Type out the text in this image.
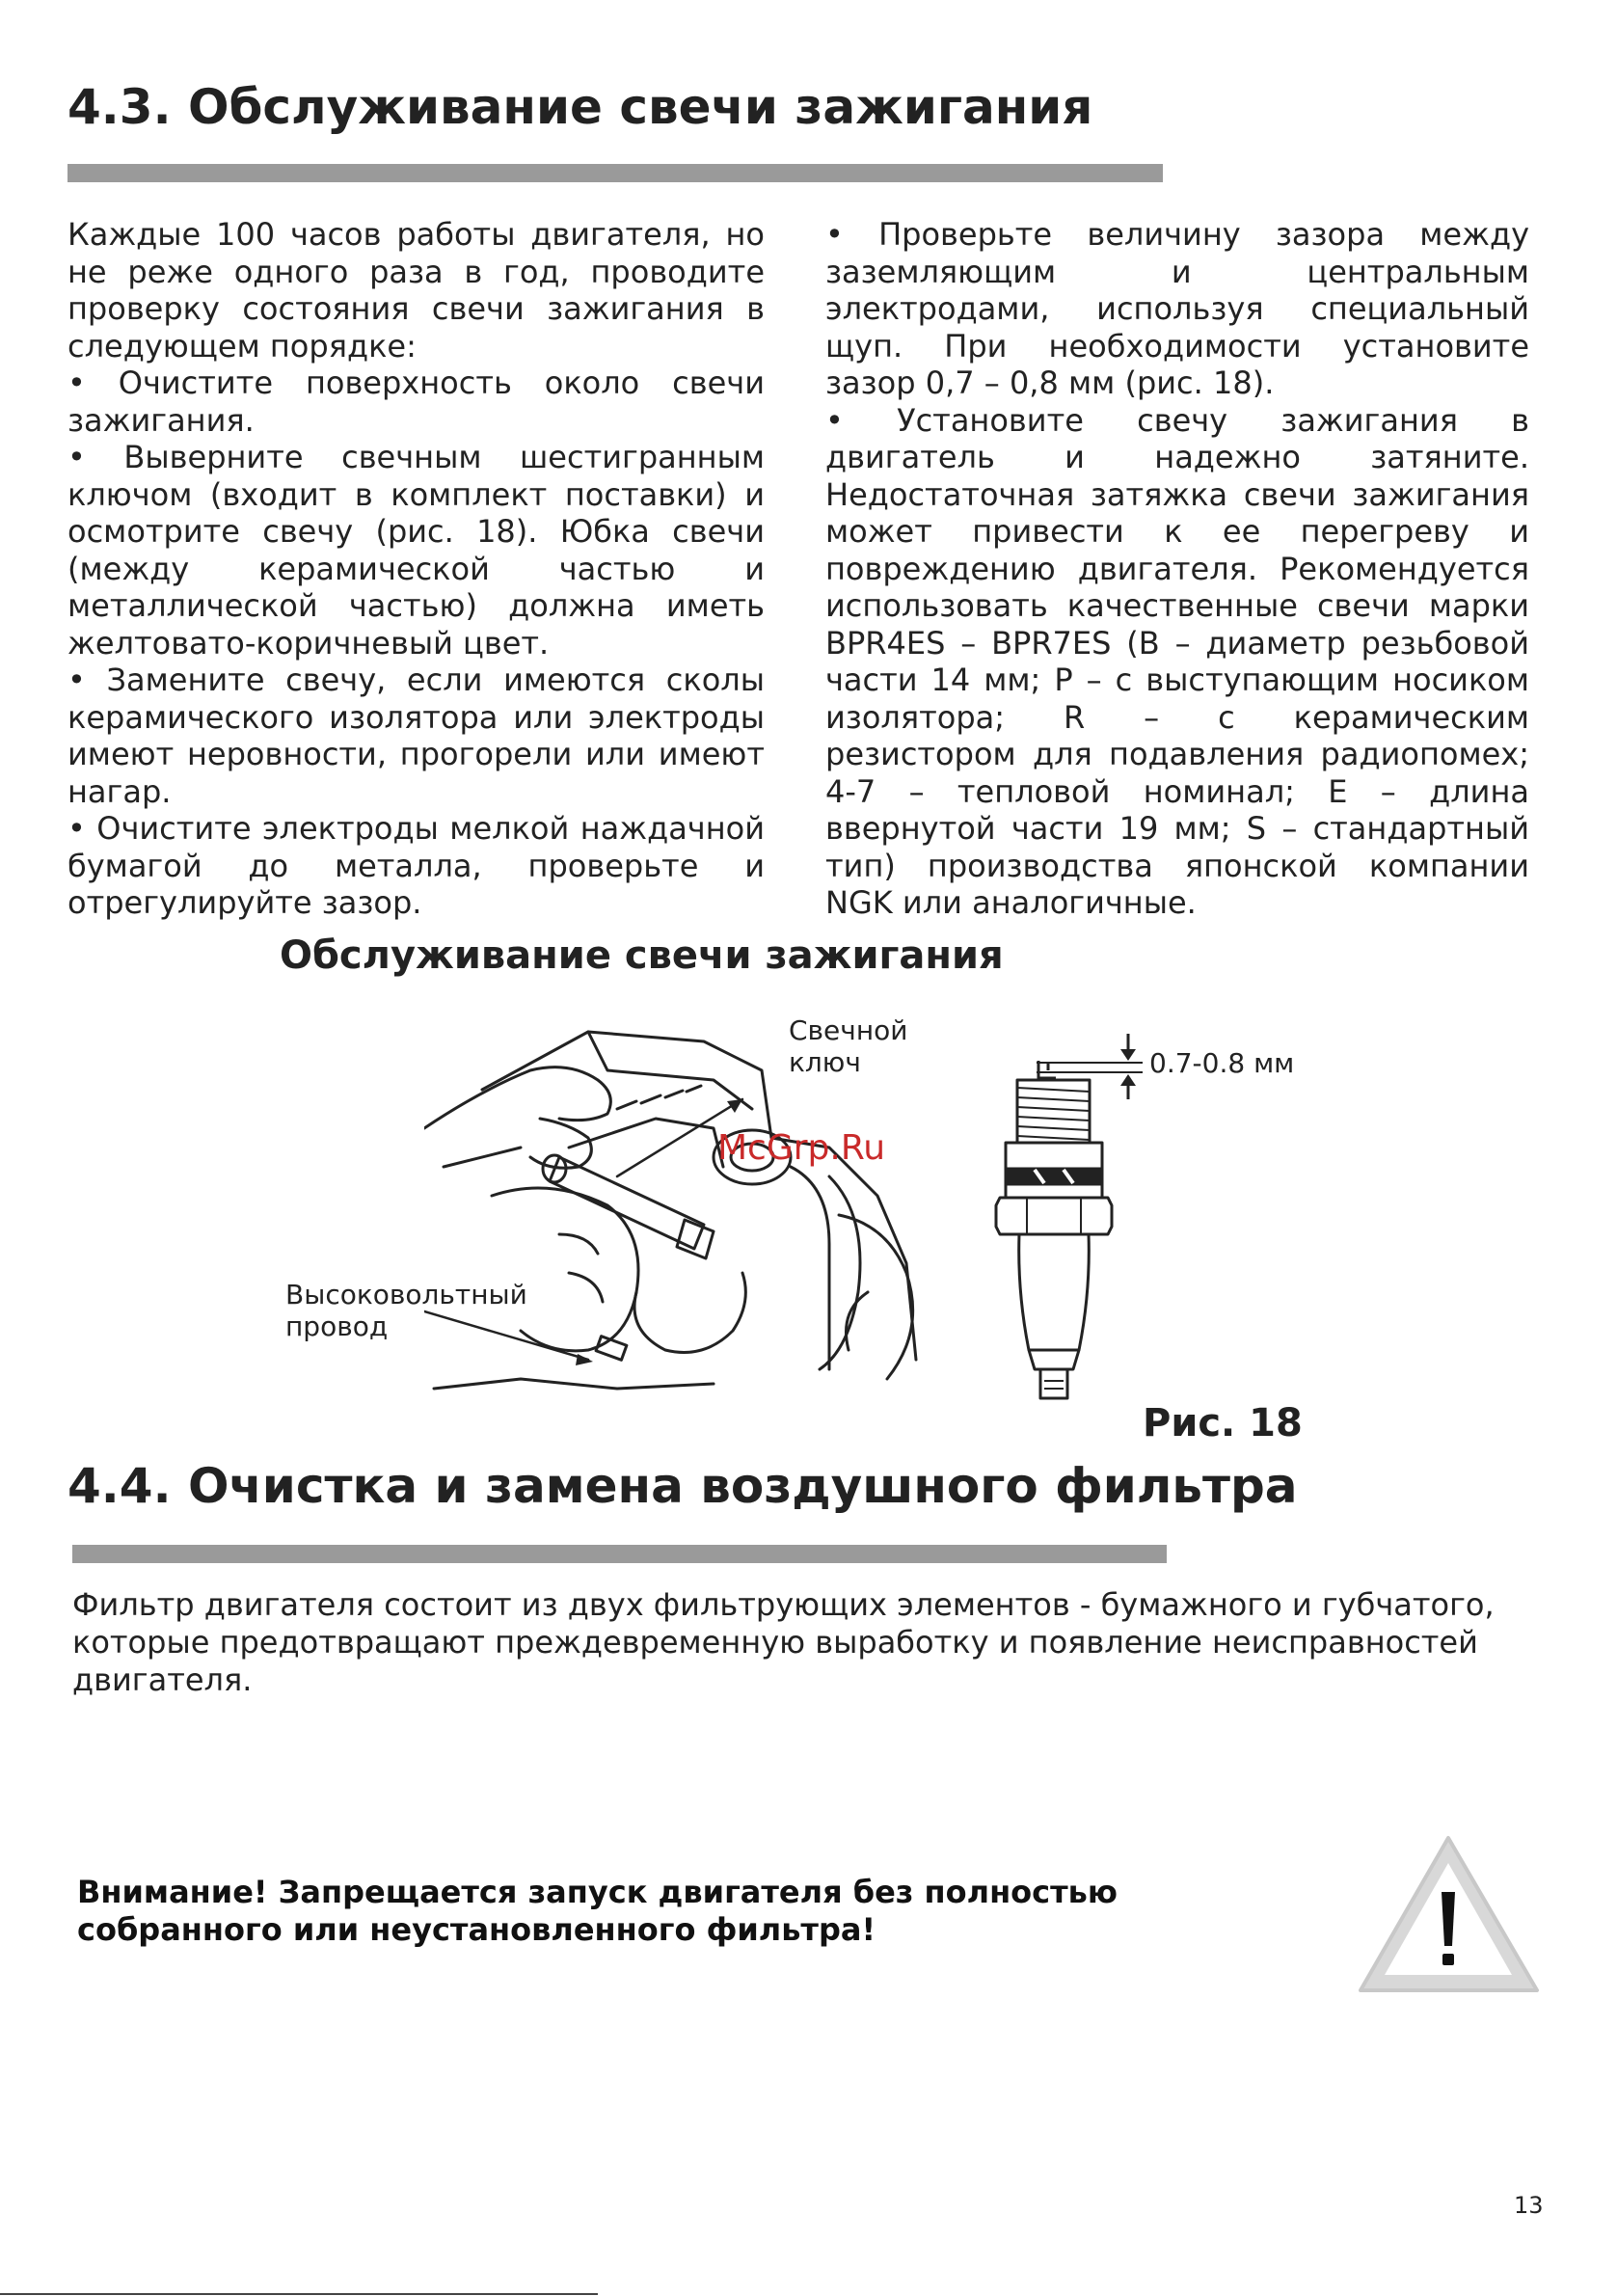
4.3. Обслуживание свечи зажигания

Каждые 100 часов работы двигателя, но не реже одного раза в год, проводите проверку состояния свечи зажигания в следующем порядке:

• Очистите поверхность около свечи зажигания.

• Выверните свечным шестигранным ключом (входит в комплект поставки) и осмотрите свечу (рис. 18). Юбка свечи (между керамической частью и металлической частью) должна иметь желтовато-коричневый цвет.

• Замените свечу, если имеются сколы керамического изолятора или электроды имеют неровности, прогорели или имеют нагар.

• Очистите электроды мелкой наждачной бумагой до металла, проверьте и отрегулируйте зазор.

• Проверьте величину зазора между заземляющим и центральным электродами, используя специальный щуп. При необходимости установите зазор 0,7 – 0,8 мм (рис. 18).

• Установите свечу зажигания в двигатель и надежно затяните. Недостаточная затяжка свечи зажигания может привести к ее перегреву и повреждению двигателя. Рекомендуется использовать качественные свечи марки BPR4ES – BPR7ES (B – диаметр резьбовой части 14 мм; P – с выступающим носиком изолятора; R – с керамическим резистором для подавления радиопомех; 4-7 – тепловой номинал; E – длина ввернутой части 19 мм; S – стандартный тип) производства японской компании NGK или аналогичные.

Обслуживание свечи зажигания
Свечной
ключ
Высоковольтный
провод
McGrp.Ru
0.7-0.8 мм
Рис. 18
4.4. Очистка и замена воздушного фильтра

Фильтр двигателя состоит из двух фильтрующих элементов - бумажного и губчатого, которые предотвращают преждевременную выработку и появление неисправностей двигателя.

Внимание! Запрещается запуск двигателя без полностью собранного или неустановленного фильтра!

13
